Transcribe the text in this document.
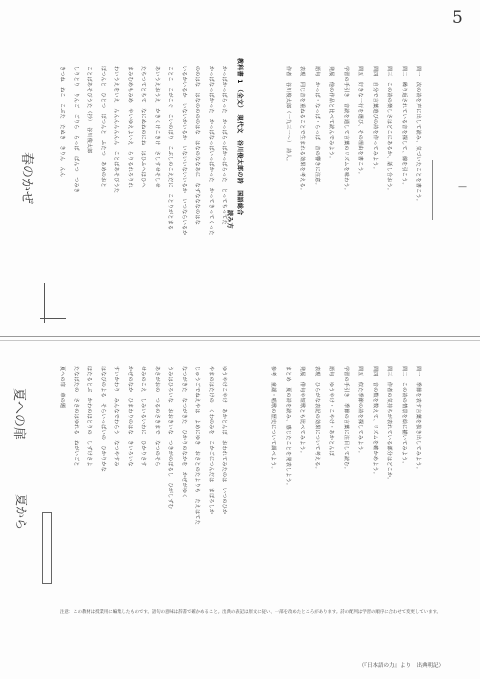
5
教科書 1 （全文）　現代文　谷川俊太郎の詩　国語総合
読み方
かっぱかっぱらった　かっぱらっぱかっぱらった　とってちってた
かっぱなっぱかった　かっぱなっぱいっぱかった　かってきってくった
ののはな　はなののののはな　はなのななあに　なずなななのはな
いるかいるか　いないかいるか　いないいないいるか　いつならいるか
ことこ　こがこぐ　こいのぼり　こぶしのこえだに　ことりがとまる
あいうえおうえ　かきくけこきけ　さしすせそしせ
たちつてとちて　なにぬねのにね　はひふへほひへ
まみむめもみめ　やいゆえよいえ　らりるれろりれ
わいうえをいえ　んんんんんんん　ことばあそびうた
ぽつんと　ひとつ　ぽつんと　ふたつ　あめのおと
ことばあそびうた（抄）　谷川俊太郎
しりとり　りんご　ごりら　らっぱ　ぱんつ　つみき
きつね　ねこ　こぶた　たぬき　きりん　んん	問一　次の詩を声に出して読み、気づいたことを書こう。
問二　繰り返されている音を探して、線を引こう。
問三　この詩の楽しさはどこにあるか、話し合おう。
問四　自分で言葉遊びの詩を作ってみよう。
問五　好きな一行を選び、その理由を書こう。
学習の手引き　音読を通して言葉のリズムを味わう。
発展　他の作品と比べて読んでみよう。
語句　かっぱ・なっぱ・らっぱ　音の響きに注意。
表現　同じ音を重ねることで生まれる効果を考える。
作者　谷川俊太郎（一九三一〜）　詩人。
—
春のかぜ
夏への扉
夏から	ゆうやけこやけ　あかとんぼ　おわれてみたのは　いつのひか
やまのはたけの　くわのみを　こかごにつんだは　まぼろしか
じゅうごでねえやは　よめにゆき　おさとのたよりも　たえはてた
なつがきた　なつがきた　ひかりのなかを　かぜがゆく
うみはひろいな　おおきいな　つきがのぼるし　ひがしずむ
あさがおの　つるのさきまで　なつのそら
せみのこえ　しみいるいわに　ひかりさす
かぜのなか　ひまわりのはな　きいろいな
すいかわり　みんなでわらう　なつやすみ
はなびのよる　そらいっぱいの　ひかりかな
ほたるとぶ　かわのほとりの　しずけさよ
たなばたの　ささのはゆれる　ねがいごと
夏への扉　章の題	問一　季節を表す言葉を抜き出してみよう。
問二　この詩の情景を絵に描いてみよう。
問三　作者の気持ちが表れている部分はどこか。
問四　音の数を数えて、リズムを確かめよう。
問五　似た季節の詩を探してみよう。
学習の手引き　季節の言葉に注目して読む。
語句　ゆうやけ・こやけ・あかとんぼ
表現　ひらがな表記の効果について考える。
発展　俳句や短歌とも比べてみよう。
まとめ　夏の詩を読み、感じたことを発表しよう。
参考　童謡・唱歌の歴史について調べよう。
（『日本語の力』より　出典明記）
注意：この教材は授業用に編集したものです。語句の意味は辞書で確かめること。出典の表記は原文に従い、一部を改めたところがあります。詩の配列は学習の順序に合わせて変更しています。
